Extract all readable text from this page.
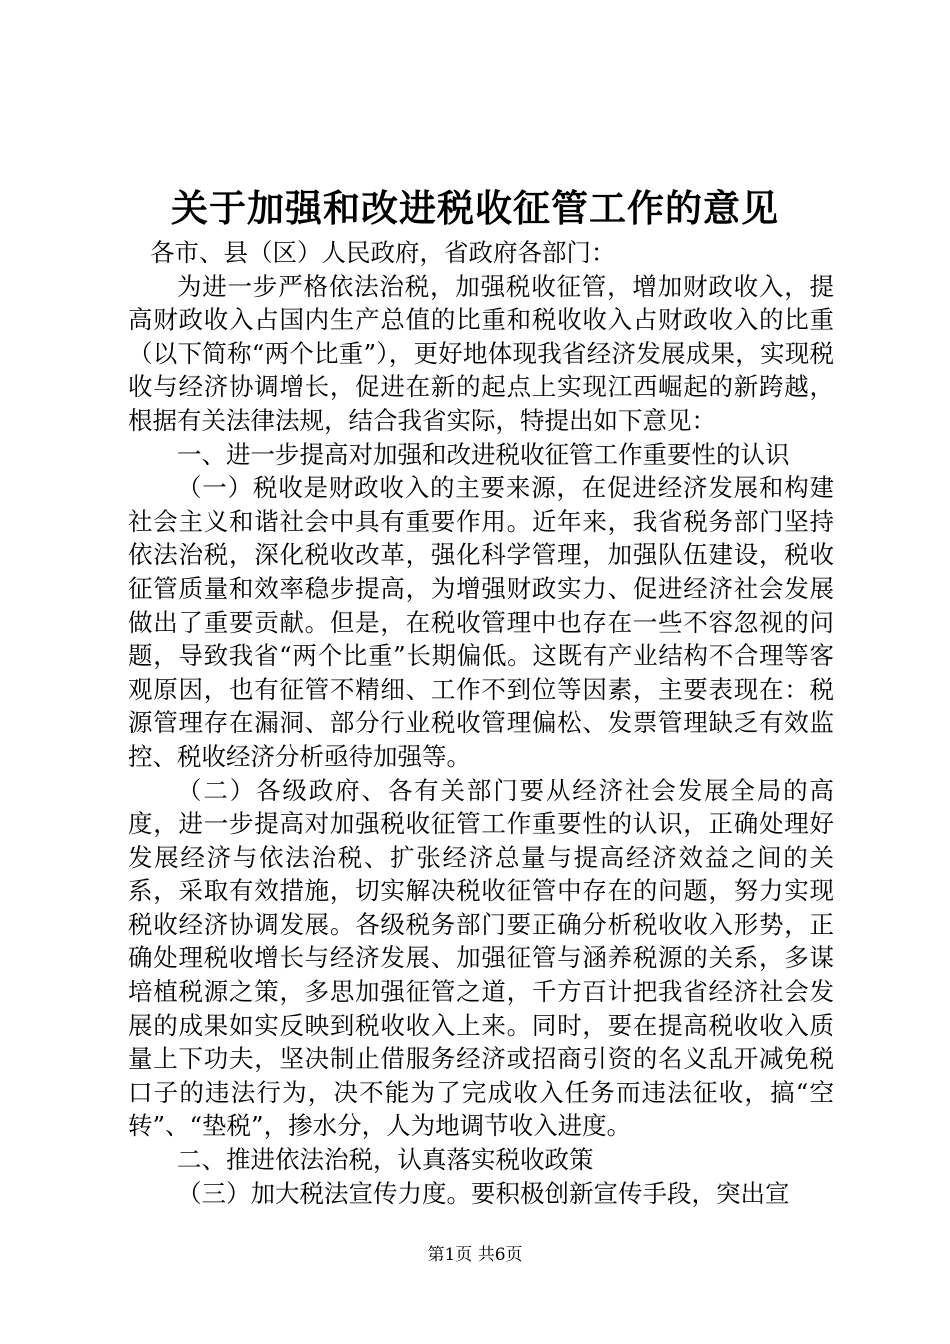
关于加强和改进税收征管工作的意见

各市、县（区）人民政府，省政府各部门：

为进一步严格依法治税，加强税收征管，增加财政收入，提高财政收入占国内生产总值的比重和税收收入占财政收入的比重（以下简称“两个比重”），更好地体现我省经济发展成果，实现税收与经济协调增长，促进在新的起点上实现江西崛起的新跨越，根据有关法律法规，结合我省实际，特提出如下意见：

一、进一步提高对加强和改进税收征管工作重要性的认识

（一）税收是财政收入的主要来源，在促进经济发展和构建社会主义和谐社会中具有重要作用。近年来，我省税务部门坚持依法治税，深化税收改革，强化科学管理，加强队伍建设，税收征管质量和效率稳步提高，为增强财政实力、促进经济社会发展做出了重要贡献。但是，在税收管理中也存在一些不容忽视的问题，导致我省“两个比重”长期偏低。这既有产业结构不合理等客观原因，也有征管不精细、工作不到位等因素，主要表现在：税源管理存在漏洞、部分行业税收管理偏松、发票管理缺乏有效监控、税收经济分析亟待加强等。

（二）各级政府、各有关部门要从经济社会发展全局的高度，进一步提高对加强税收征管工作重要性的认识，正确处理好发展经济与依法治税、扩张经济总量与提高经济效益之间的关系，采取有效措施，切实解决税收征管中存在的问题，努力实现税收经济协调发展。各级税务部门要正确分析税收收入形势，正确处理税收增长与经济发展、加强征管与涵养税源的关系，多谋培植税源之策，多思加强征管之道，千方百计把我省经济社会发展的成果如实反映到税收收入上来。同时，要在提高税收收入质量上下功夫，坚决制止借服务经济或招商引资的名义乱开减免税口子的违法行为，决不能为了完成收入任务而违法征收，搞“空转”、“垫税”，掺水分，人为地调节收入进度。

二、推进依法治税，认真落实税收政策

（三）加大税法宣传力度。要积极创新宣传手段，突出宣

第1页 共6页
